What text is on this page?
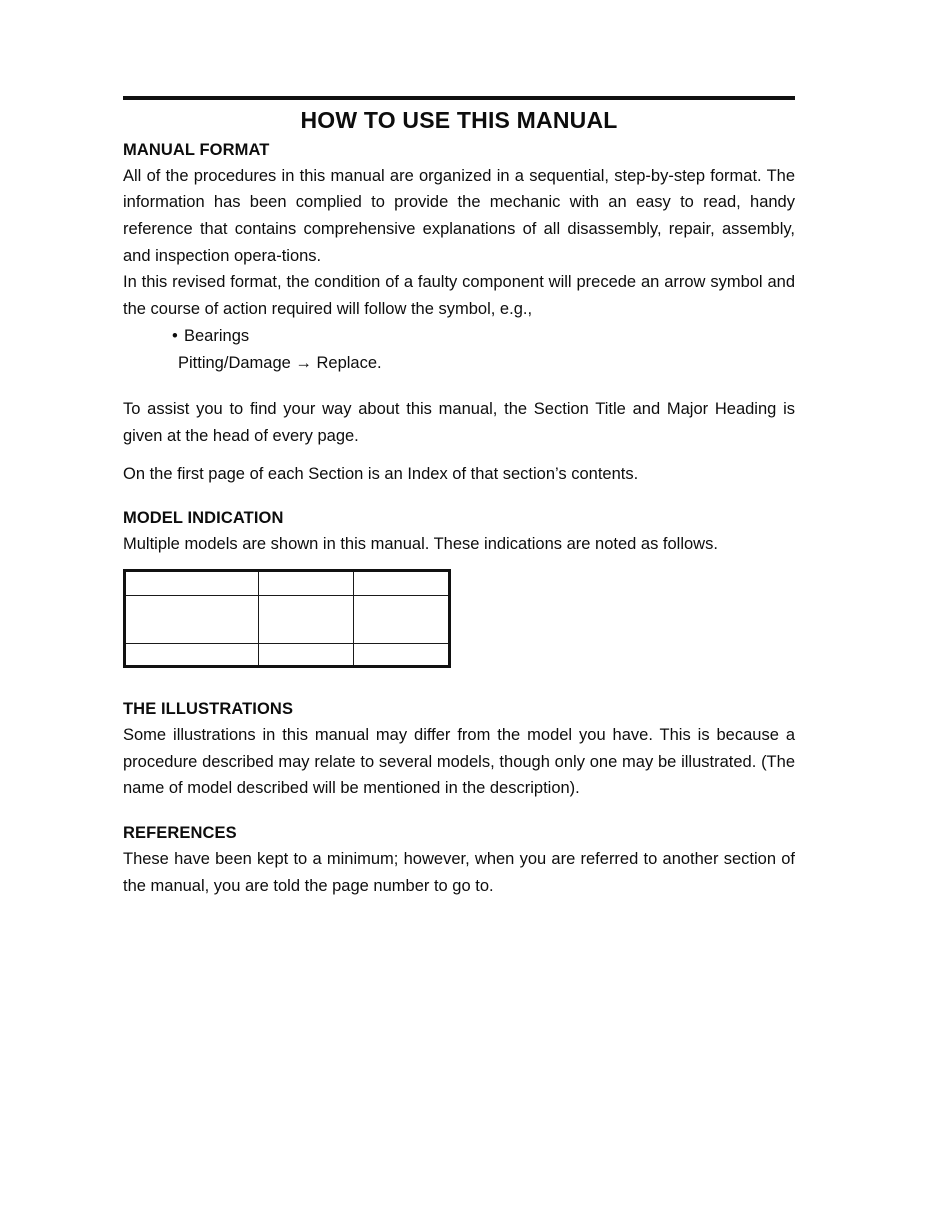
HOW TO USE THIS MANUAL
MANUAL FORMAT

All of the procedures in this manual are organized in a sequential, step-by-step format. The information has been complied to provide the mechanic with an easy to read, handy reference that contains comprehensive explanations of all disassembly, repair, assembly, and inspection opera-tions.

In this revised format, the condition of a faulty component will precede an arrow symbol and the course of action required will follow the symbol, e.g.,

• Bearings
Pitting/Damage → Replace.

To assist you to find your way about this manual, the Section Title and Major Heading is given at the head of every page.

On the first page of each Section is an Index of that section’s contents.

MODEL INDICATION

Multiple models are shown in this manual. These indications are noted as follows.

THE ILLUSTRATIONS

Some illustrations in this manual may differ from the model you have. This is because a procedure described may relate to several models, though only one may be illustrated. (The name of model described will be mentioned in the description).

REFERENCES

These have been kept to a minimum; however, when you are referred to another section of the manual, you are told the page number to go to.
